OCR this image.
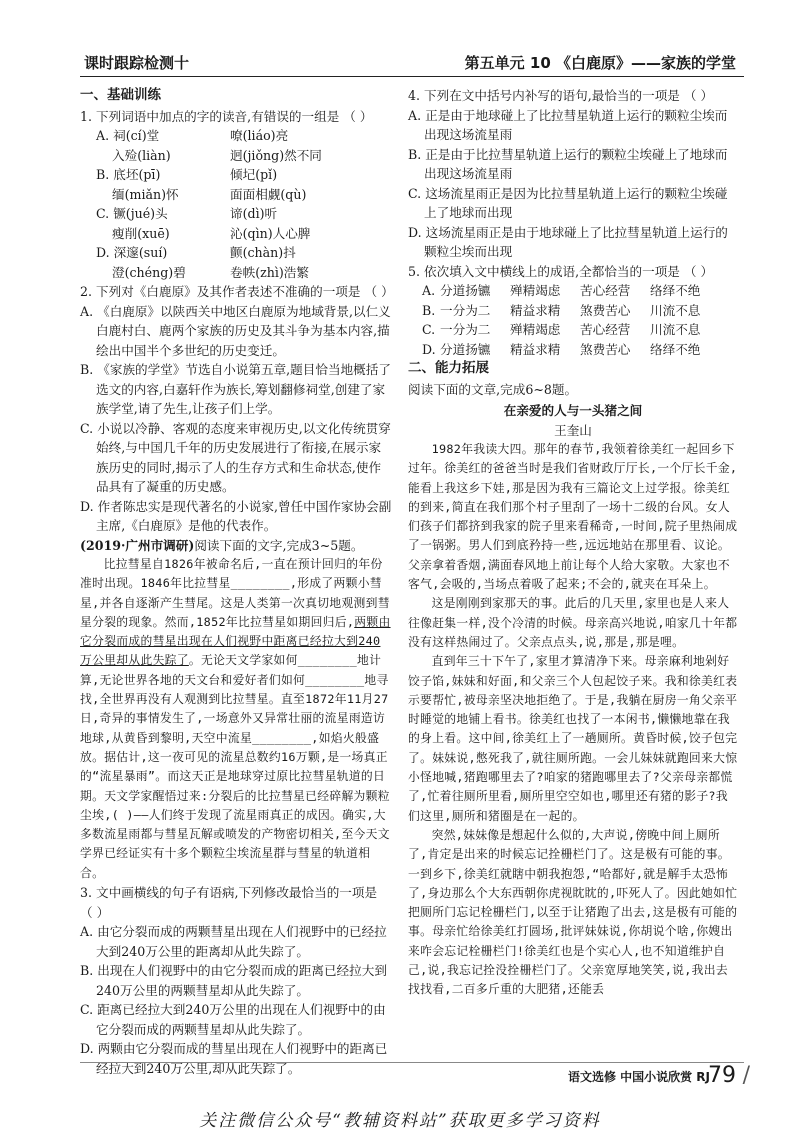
课时跟踪检测十	第五单元 10 《白鹿原》——家族的学堂
一、基础训练

1. 下列词语中加点的字的读音,有错误的一组是 （ ）

A. 祠(cí)堂	嘹(liáo)亮
入殓(liàn)	迥(jiǒng)然不同
B. 底坯(pī)	倾圮(pǐ)
缅(miǎn)怀	面面相觑(qù)
C. 镢(jué)头	谛(dì)听
瘦削(xuē)	沁(qìn)人心脾
D. 深邃(suí)	颤(chàn)抖
澄(chéng)碧	卷帙(zhì)浩繁

2. 下列对《白鹿原》及其作者表述不准确的一项是 （ ）

A. 《白鹿原》以陕西关中地区白鹿原为地域背景,以仁义白鹿村白、鹿两个家族的历史及其斗争为基本内容,描绘出中国半个多世纪的历史变迁。

B. 《家族的学堂》节选自小说第五章,题目恰当地概括了选文的内容,白嘉轩作为族长,筹划翻修祠堂,创建了家族学堂,请了先生,让孩子们上学。

C. 小说以冷静、客观的态度来审视历史,以文化传统贯穿始终,与中国几千年的历史发展进行了衔接,在展示家族历史的同时,揭示了人的生存方式和生命状态,使作品具有了凝重的历史感。

D. 作者陈忠实是现代著名的小说家,曾任中国作家协会副主席,《白鹿原》是他的代表作。

(2019·广州市调研)阅读下面的文字,完成3~5题。

比拉彗星自1826年被命名后,一直在预计回归的年份准时出现。1846年比拉彗星________,形成了两颗小彗星,并各自逐渐产生彗尾。这是人类第一次真切地观测到彗星分裂的现象。然而,1852年比拉彗星如期回归后,两颗由它分裂而成的彗星出现在人们视野中距离已经拉大到240万公里却从此失踪了。无论天文学家如何________地计算,无论世界各地的天文台和爱好者们如何________地寻找,全世界再没有人观测到比拉彗星。直至1872年11月27日,奇异的事情发生了,一场意外又异常壮丽的流星雨造访地球,从黄昏到黎明,天空中流星________,如焰火般盛放。据估计,这一夜可见的流星总数约16万颗,是一场真正的“流星暴雨”。而这天正是地球穿过原比拉彗星轨道的日期。天文学家醒悟过来:分裂后的比拉彗星已经碎解为颗粒尘埃,( )——人们终于发现了流星雨真正的成因。确实,大多数流星雨都与彗星瓦解或喷发的产物密切相关,至今天文学界已经证实有十多个颗粒尘埃流星群与彗星的轨道相合。

3. 文中画横线的句子有语病,下列修改最恰当的一项是 （ ）

A. 由它分裂而成的两颗彗星出现在人们视野中的已经拉大到240万公里的距离却从此失踪了。

B. 出现在人们视野中的由它分裂而成的距离已经拉大到240万公里的两颗彗星却从此失踪了。

C. 距离已经拉大到240万公里的出现在人们视野中的由它分裂而成的两颗彗星却从此失踪了。

D. 两颗由它分裂而成的彗星出现在人们视野中的距离已经拉大到240万公里,却从此失踪了。

4. 下列在文中括号内补写的语句,最恰当的一项是 （ ）

A. 正是由于地球碰上了比拉彗星轨道上运行的颗粒尘埃而出现这场流星雨

B. 正是由于比拉彗星轨道上运行的颗粒尘埃碰上了地球而出现这场流星雨

C. 这场流星雨正是因为比拉彗星轨道上运行的颗粒尘埃碰上了地球而出现

D. 这场流星雨正是由于地球碰上了比拉彗星轨道上运行的颗粒尘埃而出现

5. 依次填入文中横线上的成语,全都恰当的一项是 （ ）

A. 分道扬镳	殚精竭虑	苦心经营	络绎不绝
B. 一分为二	精益求精	煞费苦心	川流不息
C. 一分为二	殚精竭虑	苦心经营	川流不息
D. 分道扬镳	精益求精	煞费苦心	络绎不绝
二、能力拓展

阅读下面的文章,完成6~8题。

在亲爱的人与一头猪之间

王奎山

1982年我读大四。那年的春节,我领着徐美红一起回乡下过年。徐美红的爸爸当时是我们省财政厅厅长,一个厅长千金,能看上我这乡下娃,那是因为我有三篇论文上过学报。徐美红的到来,简直在我们那个村子里刮了一场十二级的台风。女人们孩子们都挤到我家的院子里来看稀奇,一时间,院子里热闹成了一锅粥。男人们到底矜持一些,远远地站在那里看、议论。父亲拿着香烟,满面春风地上前让每个人给大家敬。大家也不客气,会吸的,当场点着吸了起来;不会的,就夹在耳朵上。

这是刚刚到家那天的事。此后的几天里,家里也是人来人往像赶集一样,没个冷清的时候。母亲高兴地说,咱家几十年都没有这样热闹过了。父亲点点头,说,那是,那是哩。

直到年三十下午了,家里才算清净下来。母亲麻利地剁好饺子馅,妹妹和好面,和父亲三个人包起饺子来。我和徐美红表示要帮忙,被母亲坚决地拒绝了。于是,我躺在厨房一角父亲平时睡觉的地铺上看书。徐美红也找了一本闲书,懒懒地靠在我的身上看。这中间,徐美红上了一趟厕所。黄昏时候,饺子包完了。妹妹说,憋死我了,就往厕所跑。一会儿妹妹就跑回来大惊小怪地喊,猪跑哪里去了?咱家的猪跑哪里去了?父亲母亲都慌了,忙着往厕所里看,厕所里空空如也,哪里还有猪的影子?我们这里,厕所和猪圈是在一起的。

突然,妹妹像是想起什么似的,大声说,傍晚中间上厕所了,肯定是出来的时候忘记拴栅栏门了。这是极有可能的事。一到乡下,徐美红就瞎中朝我抱怨,“哈都好,就是解手太恐怖了,身边那么个大东西朝你虎视眈眈的,吓死人了。因此她如忙把厕所门忘记栓栅栏门,以至于让猪跑了出去,这是极有可能的事。母亲忙给徐美红打圆场,批评妹妹说,你胡说个啥,你嫂出来咋会忘记栓栅栏门!徐美红也是个实心人,也不知道维护自己,说,我忘记拴没拴栅栏门了。父亲宽厚地笑笑,说,我出去找找看,二百多斤重的大肥猪,还能丢

语文选修 中国小说欣赏 RJ
79 /
关注微信公众号“教辅资料站”获取更多学习资料
